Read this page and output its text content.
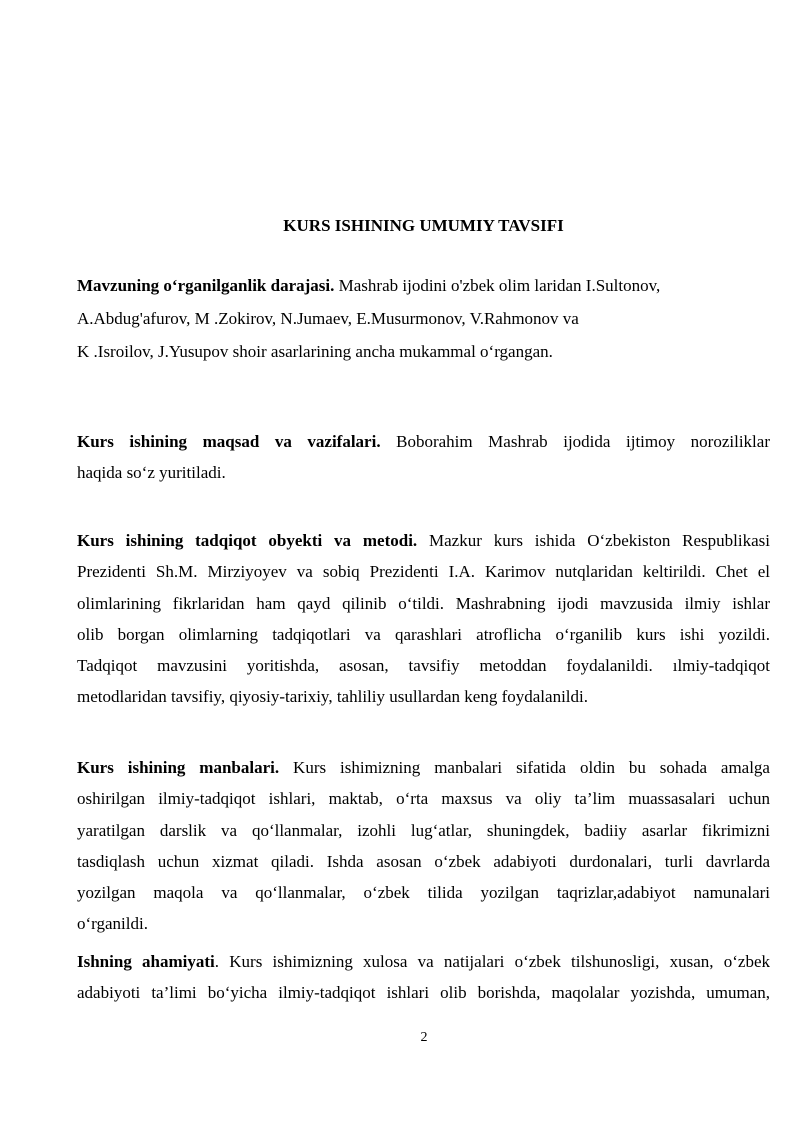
KURS ISHINING UMUMIY TAVSIFI
Mavzuning o‘rganilganlik darajasi. Mashrab ijodini o'zbek olim laridan I.Sultonov,
A.Abdug'afurov, M .Zokirov, N.Jumaev, E.Musurmonov, V.Rahmonov va
K .Isroilov, J.Yusupov shoir asarlarining ancha mukammal o‘rgangan.
Kurs ishining maqsad va vazifalari. Boborahim Mashrab ijodida ijtimoy noroziliklar
haqida so‘z yuritiladi.
Kurs ishining tadqiqot obyekti va metodi. Mazkur kurs ishida O‘zbekiston Respublikasi
Prezidenti Sh.M. Mirziyoyev va sobiq Prezidenti I.A. Karimov nutqlaridan keltirildi. Chet el
olimlarining fikrlaridan ham qayd qilinib o‘tildi. Mashrabning ijodi mavzusida ilmiy ishlar
olib borgan olimlarning tadqiqotlari va qarashlari atroflicha o‘rganilib kurs ishi yozildi.
Tadqiqot mavzusini yoritishda, asosan, tavsifiy metoddan foydalanildi. ılmiy-tadqiqot
metodlaridan tavsifiy, qiyosiy-tarixiy, tahliliy usullardan keng foydalanildi.
Kurs ishining manbalari. Kurs ishimizning manbalari sifatida oldin bu sohada amalga
oshirilgan ilmiy-tadqiqot ishlari, maktab, o‘rta maxsus va oliy ta’lim muassasalari uchun
yaratilgan darslik va qo‘llanmalar, izohli lug‘atlar, shuningdek, badiiy asarlar fikrimizni
tasdiqlash uchun xizmat qiladi. Ishda asosan o‘zbek adabiyoti durdonalari, turli davrlarda
yozilgan maqola va qo‘llanmalar, o‘zbek tilida yozilgan taqrizlar,adabiyot namunalari
o‘rganildi.
Ishning ahamiyati. Kurs ishimizning xulosa va natijalari o‘zbek tilshunosligi, xusan, o‘zbek
adabiyoti ta’limi bo‘yicha ilmiy-tadqiqot ishlari olib borishda, maqolalar yozishda, umuman,
2
